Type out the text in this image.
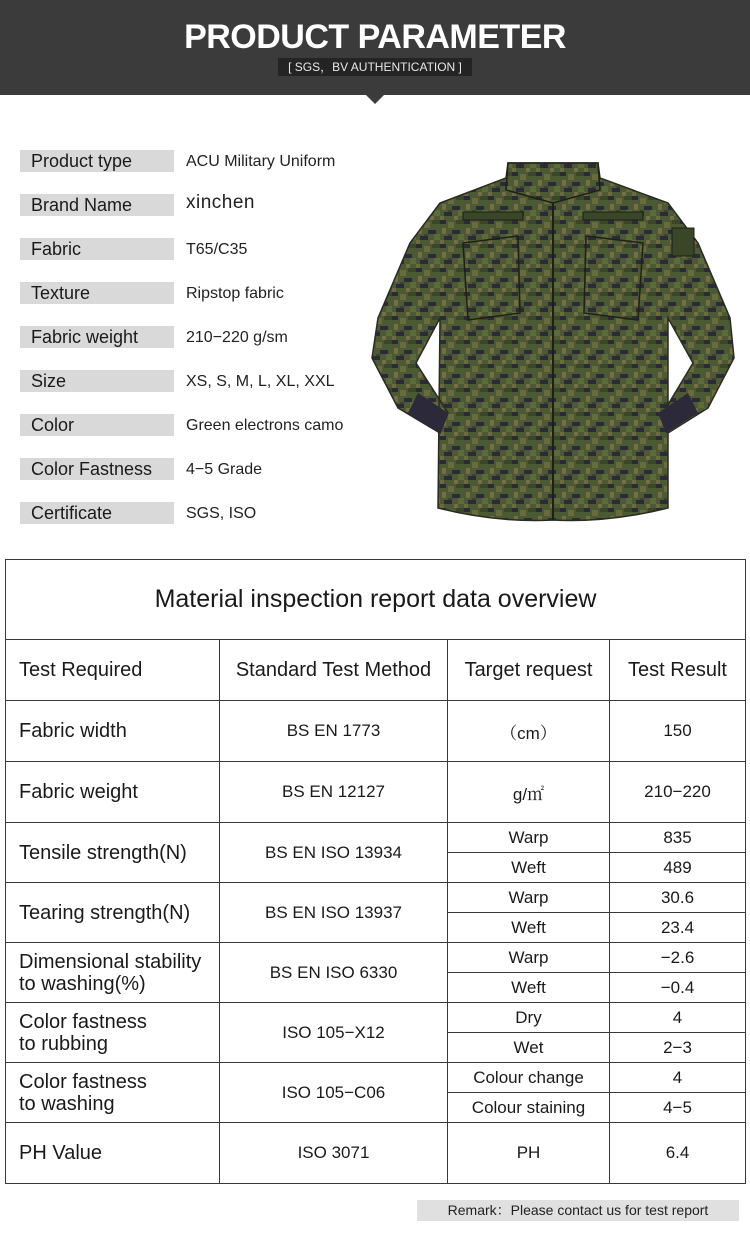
PRODUCT PARAMETER
[ SGS，BV AUTHENTICATION ]
Product type	ACU Military Uniform
Brand Name	xinchen
Fabric	T65/C35
Texture	Ripstop fabric
Fabric weight	210−220 g/sm
Size	XS, S, M, L, XL, XXL
Color	Green electrons camo
Color Fastness	4−5 Grade
Certificate	SGS, ISO
Material inspection report data overview			
Test Required	Standard Test Method	Target request	Test Result
Fabric width	BS EN 1773	（cm）	150
Fabric weight	BS EN 12127	g/㎡	210−220
Tensile strength(N)	BS EN ISO 13934	Warp	835
		Weft	489
Tearing strength(N)	BS EN ISO 13937	Warp	30.6
		Weft	23.4

Dimensional stability
to washing(%)	BS EN ISO 6330	Warp	−2.6
		Weft	−0.4

Color fastness
to rubbing	ISO 105−X12	Dry	4
		Wet	2−3

Color fastness
to washing	ISO 105−C06	Colour change	4
		Colour staining	4−5
PH Value	ISO 3071	PH	6.4
Remark：Please contact us for test report
